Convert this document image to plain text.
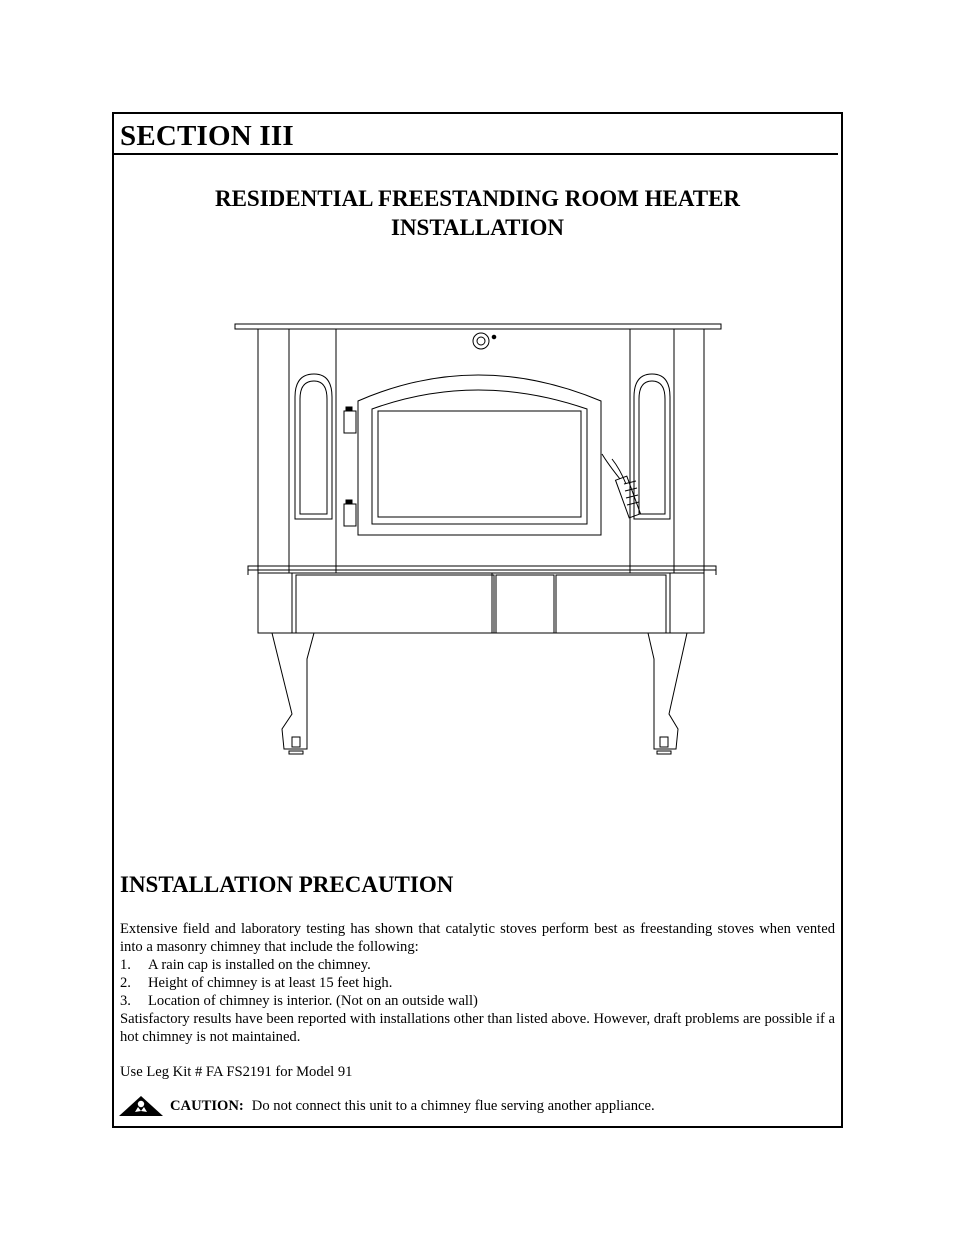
SECTION III
RESIDENTIAL FREESTANDING ROOM HEATER
INSTALLATION
INSTALLATION PRECAUTION
Extensive field and laboratory testing has shown that catalytic stoves perform best as freestanding stoves when vented into a masonry chimney that include the following:
1.	A rain cap is installed on the chimney.
2.	Height of chimney is at least 15 feet high.
3.	Location of chimney is interior. (Not on an outside wall)
Satisfactory results have been reported with installations other than listed above. However, draft problems are possible if a hot chimney is not maintained.
Use Leg Kit # FA FS2191 for Model 91
CAUTION: Do not connect this unit to a chimney flue serving another appliance.
